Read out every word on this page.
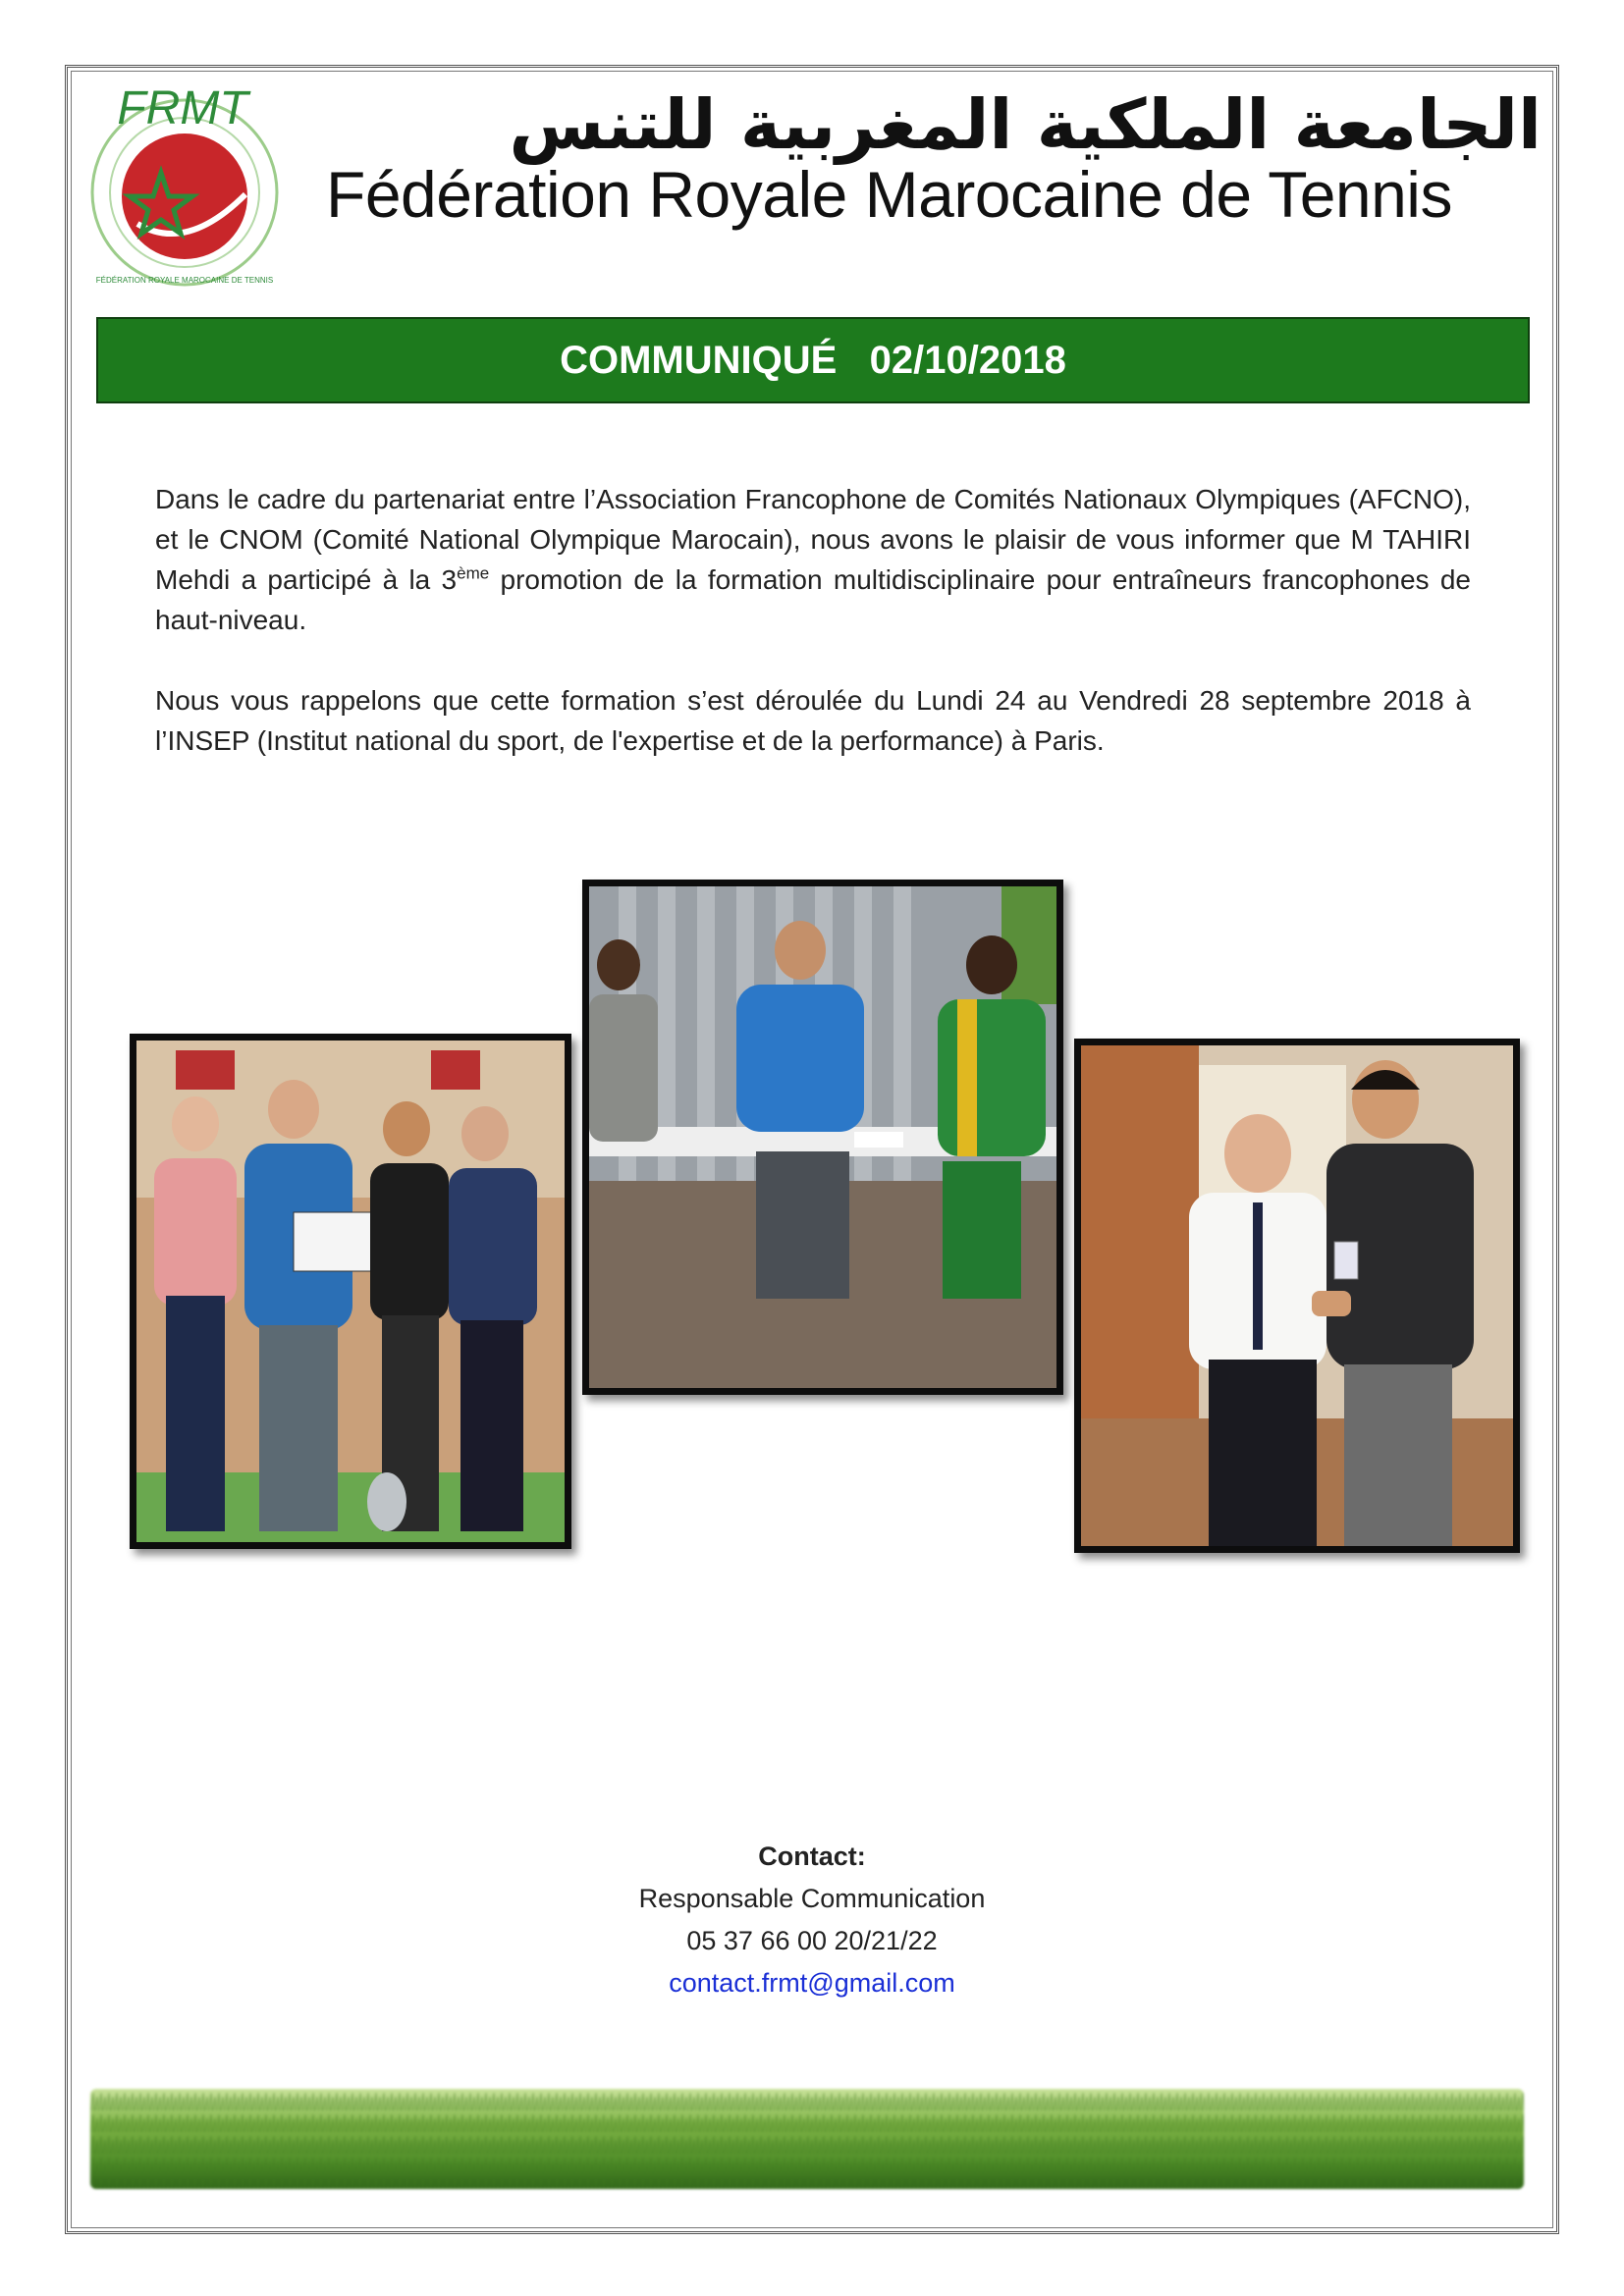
FRMT
FÉDÉRATION ROYALE MAROCAINE DE TENNIS
الجامعة الملكية المغربية للتنس
Fédération Royale Marocaine de Tennis
COMMUNIQUÉ
02/10/2018

Dans le cadre du partenariat entre l’Association Francophone de Comités Nationaux Olympiques (AFCNO), et le CNOM (Comité National Olympique Marocain), nous avons le plaisir de vous informer que M TAHIRI Mehdi a participé à la 3ème promotion de la formation multidisciplinaire pour entraîneurs francophones de haut-niveau.

Nous vous rappelons que cette formation s’est déroulée du Lundi 24 au Vendredi 28 septembre 2018 à l’INSEP (Institut national du sport, de l'expertise et de la performance) à Paris.

Contact:
Responsable Communication
05 37 66 00 20/21/22
contact.frmt@gmail.com
